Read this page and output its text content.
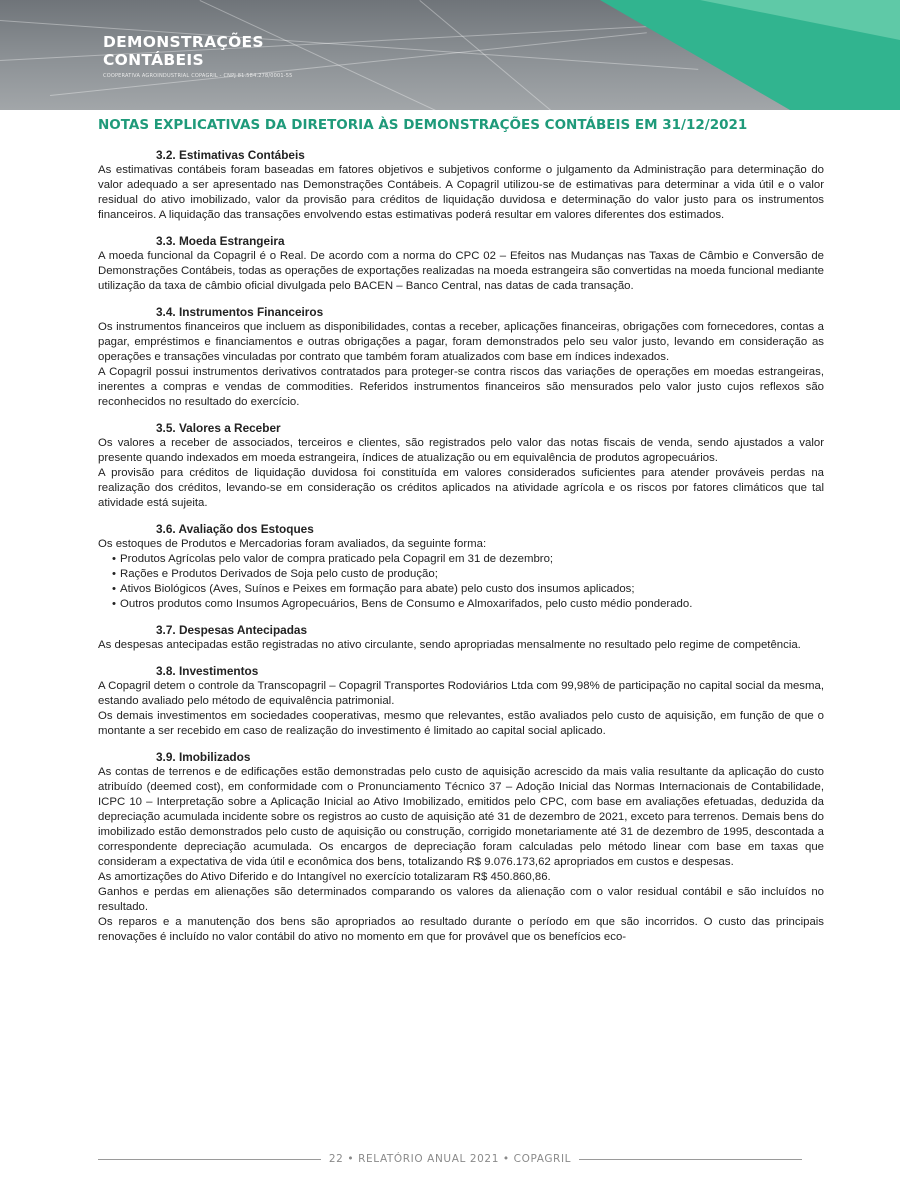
DEMONSTRAÇÕES
CONTÁBEIS
COOPERATIVA AGROINDUSTRIAL COPAGRIL - CNPJ 81.584.278/0001-55
NOTAS EXPLICATIVAS DA DIRETORIA ÀS DEMONSTRAÇÕES CONTÁBEIS EM 31/12/2021

3.2. Estimativas Contábeis

As estimativas contábeis foram baseadas em fatores objetivos e subjetivos conforme o julgamento da Administração para determinação do valor adequado a ser apresentado nas Demonstrações Contábeis. A Copagril utilizou-se de estimativas para determinar a vida útil e o valor residual do ativo imobilizado, valor da provisão para créditos de liquidação duvidosa e determinação do valor justo para os instrumentos financeiros. A liquidação das transações envolvendo estas estimativas poderá resultar em valores diferentes dos estimados.

3.3. Moeda Estrangeira

A moeda funcional da Copagril é o Real. De acordo com a norma do CPC 02 – Efeitos nas Mudanças nas Taxas de Câmbio e Conversão de Demonstrações Contábeis, todas as operações de exportações realizadas na moeda estrangeira são convertidas na moeda funcional mediante utilização da taxa de câmbio oficial divulgada pelo BACEN – Banco Central, nas datas de cada transação.

3.4. Instrumentos Financeiros

Os instrumentos financeiros que incluem as disponibilidades, contas a receber, aplicações financeiras, obrigações com fornecedores, contas a pagar, empréstimos e financiamentos e outras obrigações a pagar, foram demonstrados pelo seu valor justo, levando em consideração as operações e transações vinculadas por contrato que também foram atualizados com base em índices indexados.

A Copagril possui instrumentos derivativos contratados para proteger-se contra riscos das variações de operações em moedas estrangeiras, inerentes a compras e vendas de commodities. Referidos instrumentos financeiros são mensurados pelo valor justo cujos reflexos são reconhecidos no resultado do exercício.

3.5. Valores a Receber

Os valores a receber de associados, terceiros e clientes, são registrados pelo valor das notas fiscais de venda, sendo ajustados a valor presente quando indexados em moeda estrangeira, índices de atualização ou em equivalência de produtos agropecuários.

A provisão para créditos de liquidação duvidosa foi constituída em valores considerados suficientes para atender prováveis perdas na realização dos créditos, levando-se em consideração os créditos aplicados na atividade agrícola e os riscos por fatores climáticos que tal atividade está sujeita.

3.6. Avaliação dos Estoques

Os estoques de Produtos e Mercadorias foram avaliados, da seguinte forma:

• Produtos Agrícolas pelo valor de compra praticado pela Copagril em 31 de dezembro;
• Rações e Produtos Derivados de Soja pelo custo de produção;
• Ativos Biológicos (Aves, Suínos e Peixes em formação para abate) pelo custo dos insumos aplicados;
• Outros produtos como Insumos Agropecuários, Bens de Consumo e Almoxarifados, pelo custo médio ponderado.

3.7. Despesas Antecipadas

As despesas antecipadas estão registradas no ativo circulante, sendo apropriadas mensalmente no resultado pelo regime de competência.

3.8. Investimentos

A Copagril detem o controle da Transcopagril – Copagril Transportes Rodoviários Ltda com 99,98% de participação no capital social da mesma, estando avaliado pelo método de equivalência patrimonial.

Os demais investimentos em sociedades cooperativas, mesmo que relevantes, estão avaliados pelo custo de aquisição, em função de que o montante a ser recebido em caso de realização do investimento é limitado ao capital social aplicado.

3.9. Imobilizados

As contas de terrenos e de edificações estão demonstradas pelo custo de aquisição acrescido da mais valia resultante da aplicação do custo atribuído (deemed cost), em conformidade com o Pronunciamento Técnico 37 – Adoção Inicial das Normas Internacionais de Contabilidade, ICPC 10 – Interpretação sobre a Aplicação Inicial ao Ativo Imobilizado, emitidos pelo CPC, com base em avaliações efetuadas, deduzida da depreciação acumulada incidente sobre os registros ao custo de aquisição até 31 de dezembro de 2021, exceto para terrenos. Demais bens do imobilizado estão demonstrados pelo custo de aquisição ou construção, corrigido monetariamente até 31 de dezembro de 1995, descontada a correspondente depreciação acumulada. Os encargos de depreciação foram calculadas pelo método linear com base em taxas que consideram a expectativa de vida útil e econômica dos bens, totalizando R$ 9.076.173,62 apropriados em custos e despesas.

As amortizações do Ativo Diferido e do Intangível no exercício totalizaram R$ 450.860,86.

Ganhos e perdas em alienações são determinados comparando os valores da alienação com o valor residual contábil e são incluídos no resultado.

Os reparos e a manutenção dos bens são apropriados ao resultado durante o período em que são incorridos. O custo das principais renovações é incluído no valor contábil do ativo no momento em que for provável que os benefícios eco-

22 • RELATÓRIO ANUAL 2021 • COPAGRIL
